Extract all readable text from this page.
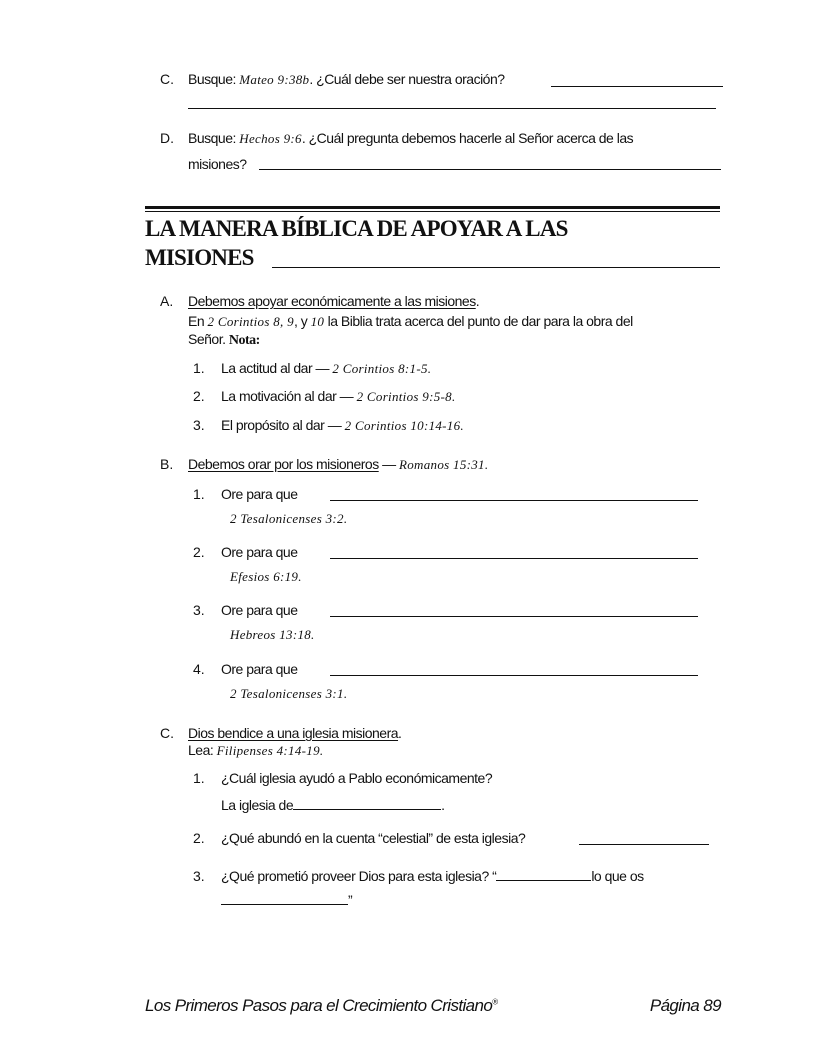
C. Busque: Mateo 9:38b. ¿Cuál debe ser nuestra oración?
D. Busque: Hechos 9:6. ¿Cuál pregunta debemos hacerle al Señor acerca de las
misiones?
LA MANERA BÍBLICA DE APOYAR A LAS
MISIONES
A. Debemos apoyar económicamente a las misiones.
En 2 Corintios 8, 9, y 10 la Biblia trata acerca del punto de dar para la obra del
Señor. Nota:
1. La actitud al dar — 2 Corintios 8:1-5.
2. La motivación al dar — 2 Corintios 9:5-8.
3. El propósito al dar — 2 Corintios 10:14-16.
B. Debemos orar por los misioneros — Romanos 15:31.
1. Ore para que
2 Tesalonicenses 3:2.
2. Ore para que
Efesios 6:19.
3. Ore para que
Hebreos 13:18.
4. Ore para que
2 Tesalonicenses 3:1.
C. Dios bendice a una iglesia misionera.
Lea: Filipenses 4:14-19.
1. ¿Cuál iglesia ayudó a Pablo económicamente?
La iglesia de	.
2. ¿Qué abundó en la cuenta “celestial” de esta iglesia?
3. ¿Qué prometió proveer Dios para esta iglesia? “	lo que os
”
Los Primeros Pasos para el Crecimiento Cristiano®	Página 89
